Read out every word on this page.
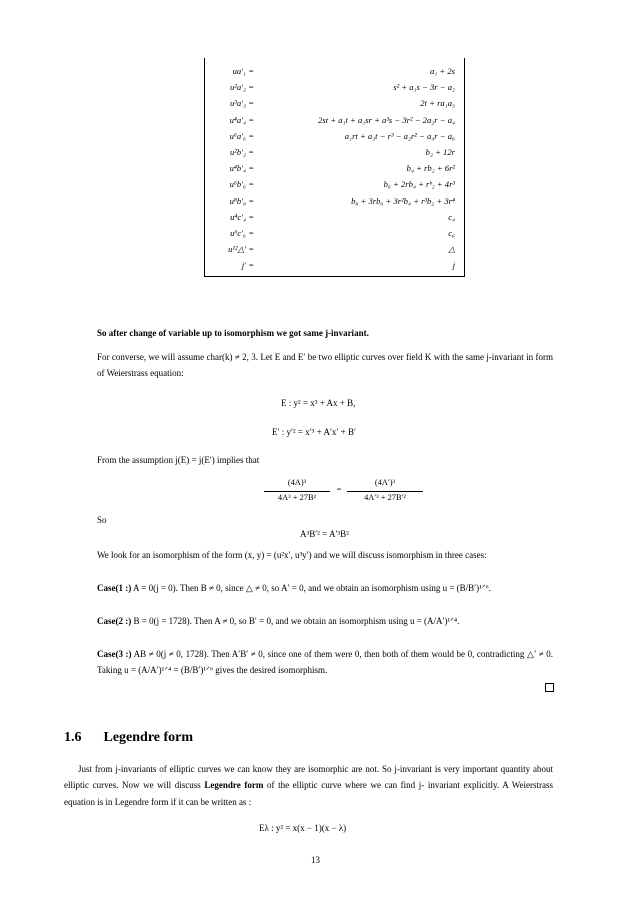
ua′₁ =	a₁ + 2s
u²a′₂ =	s² + a₁s − 3r − a₂
u³a′₃ =	2t + ra₁a₃
u⁴a′₄ =	2st + a₁t + a₁sr + a³s − 3r² − 2a₂r − a₄
u⁶a′₆ =	a₁rt + a₃t − r³ − a₂r² − a₄r − a₆
u²b′₂ =	b₂ + 12r
u⁴b′₄ =	b₄ + rb₂ + 6r²
u⁶b′₆ =	b₆ + 2rb₄ + rᵇ₂ + 4r³
u⁸b′₈ =	b₈ + 3rb₆ + 3r²b₄ + r³b₂ + 3r⁴
u⁴c′₄ =	c₄
u⁶c′₆ =	c₆
u¹²△′ =	△
j′ =	j
So after change of variable up to isomorphism we got same j-invariant.
For converse, we will assume char(k) ≠ 2, 3. Let E and E′ be two elliptic curves over field K with the same j-invariant in form of Weierstrass equation:
E : y² = x³ + Ax + B,
E′ : y′² = x′³ + A′x′ + B′
From the assumption j(E) = j(E′) implies that
(4A)³
4A³ + 27B²
=
(4A′)³
4A′³ + 27B′²
So
A³B′² = A′³B²
We look for an isomorphism of the form (x, y) = (u²x′, u³y′) and we will discuss isomorphism in three cases:
Case(1 :) A = 0(j = 0). Then B ≠ 0, since △ ≠ 0, so A′ = 0, and we obtain an isomorphism using u = (B/B′)¹ᐟ⁶.
Case(2 :) B = 0(j = 1728). Then A ≠ 0, so B′ = 0, and we obtain an isomorphism using u = (A/A′)¹ᐟ⁴.
Case(3 :) AB ≠ 0(j ≠ 0, 1728). Then A′B′ ≠ 0, since one of them were 0, then both of them would be 0, contradicting △′ ≠ 0. Taking u = (A/A′)¹ᐟ⁴ = (B/B′)¹ᐟ⁶ gives the desired isomorphism.
1.6 Legendre form
Just from j-invariants of elliptic curves we can know they are isomorphic are not. So j-invariant is very important quantity about elliptic curves. Now we will discuss Legendre form of the elliptic curve where we can find j- invariant explicitly. A Weierstrass equation is in Legendre form if it can be written as :
Eλ : y² = x(x − 1)(x − λ)
13
